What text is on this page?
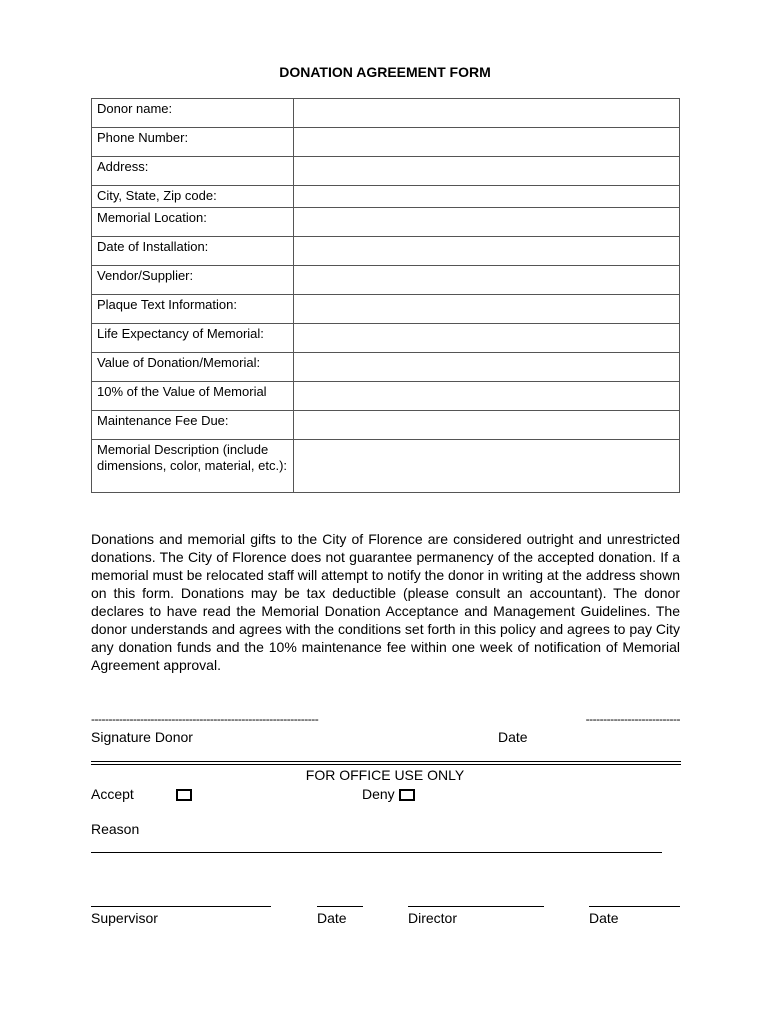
DONATION AGREEMENT FORM
Donor name:	
Phone Number:	
Address:	
City, State, Zip code:	
Memorial Location:	
Date of Installation:	
Vendor/Supplier:	
Plaque Text Information:	
Life Expectancy of Memorial:	
Value of Donation/Memorial:	
10% of the Value of Memorial	
Maintenance Fee Due:	
Memorial Description (include dimensions, color, material, etc.):	
Donations and memorial gifts to the City of Florence are considered outright and unrestricted donations. The City of Florence does not guarantee permanency of the accepted donation. If a memorial must be relocated staff will attempt to notify the donor in writing at the address shown on this form. Donations may be tax deductible (please consult an accountant). The donor declares to have read the Memorial Donation Acceptance and Management Guidelines. The donor understands and agrees with the conditions set forth in this policy and agrees to pay City any donation funds and the 10% maintenance fee within one week of notification of Memorial Agreement approval.
-----------------------------------------------------------------	---------------------------
Signature Donor	Date
FOR OFFICE USE ONLY
Accept	Deny
Reason
Supervisor	Date	Director	Date
